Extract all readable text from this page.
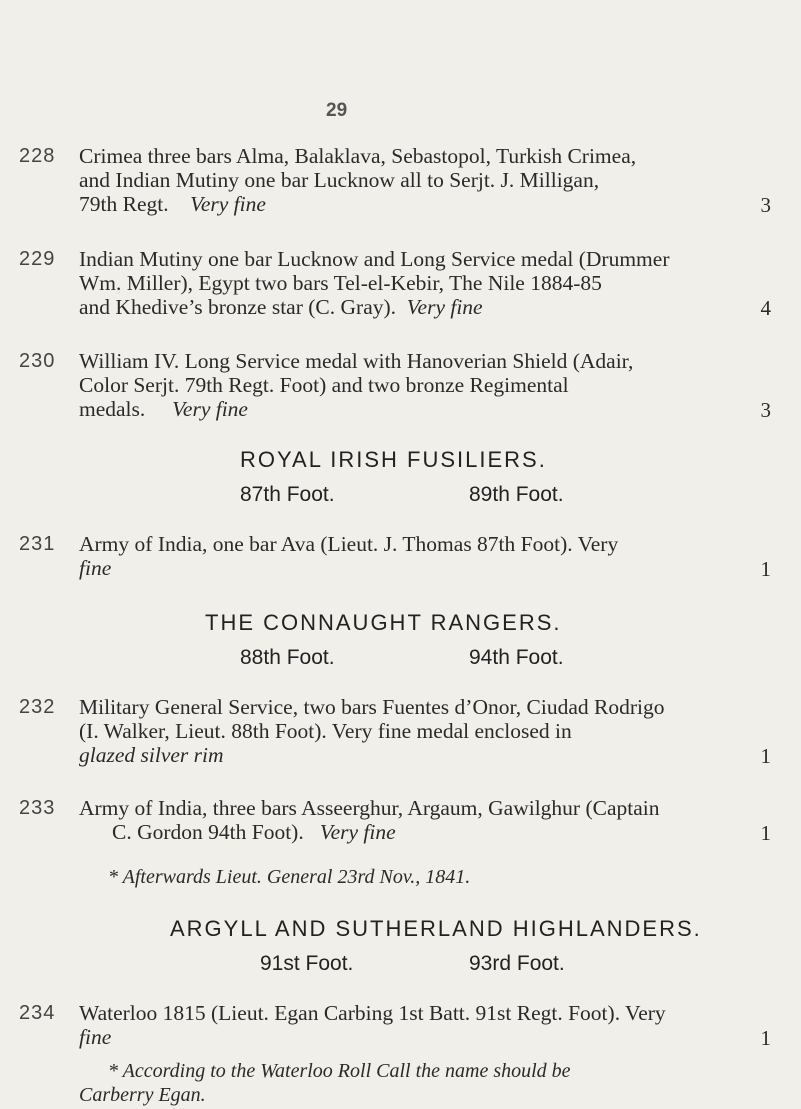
29
228 Crimea three bars Alma, Balaklava, Sebastopol, Turkish Crimea,
and Indian Mutiny one bar Lucknow all to Serjt. J. Milligan,
79th Regt. Very fine	3
229 Indian Mutiny one bar Lucknow and Long Service medal (Drummer
Wm. Miller), Egypt two bars Tel-el-Kebir, The Nile 1884-85
and Khedive’s bronze star (C. Gray). Very fine	4
230 William IV. Long Service medal with Hanoverian Shield (Adair,
Color Serjt. 79th Regt. Foot) and two bronze Regimental
medals. Very fine	3
ROYAL IRISH FUSILIERS.
87th Foot.	89th Foot.
231 Army of India, one bar Ava (Lieut. J. Thomas 87th Foot). Very
fine	1
THE CONNAUGHT RANGERS.
88th Foot.	94th Foot.
232 Military General Service, two bars Fuentes d’Onor, Ciudad Rodrigo
(I. Walker, Lieut. 88th Foot). Very fine medal enclosed in
glazed silver rim	1
233 Army of India, three bars Asseerghur, Argaum, Gawilghur (Captain
C. Gordon 94th Foot). Very fine	1
* Afterwards Lieut. General 23rd Nov., 1841.
ARGYLL AND SUTHERLAND HIGHLANDERS.
91st Foot.	93rd Foot.
234 Waterloo 1815 (Lieut. Egan Carbing 1st Batt. 91st Regt. Foot). Very
fine	1
* According to the Waterloo Roll Call the name should be
Carberry Egan.
